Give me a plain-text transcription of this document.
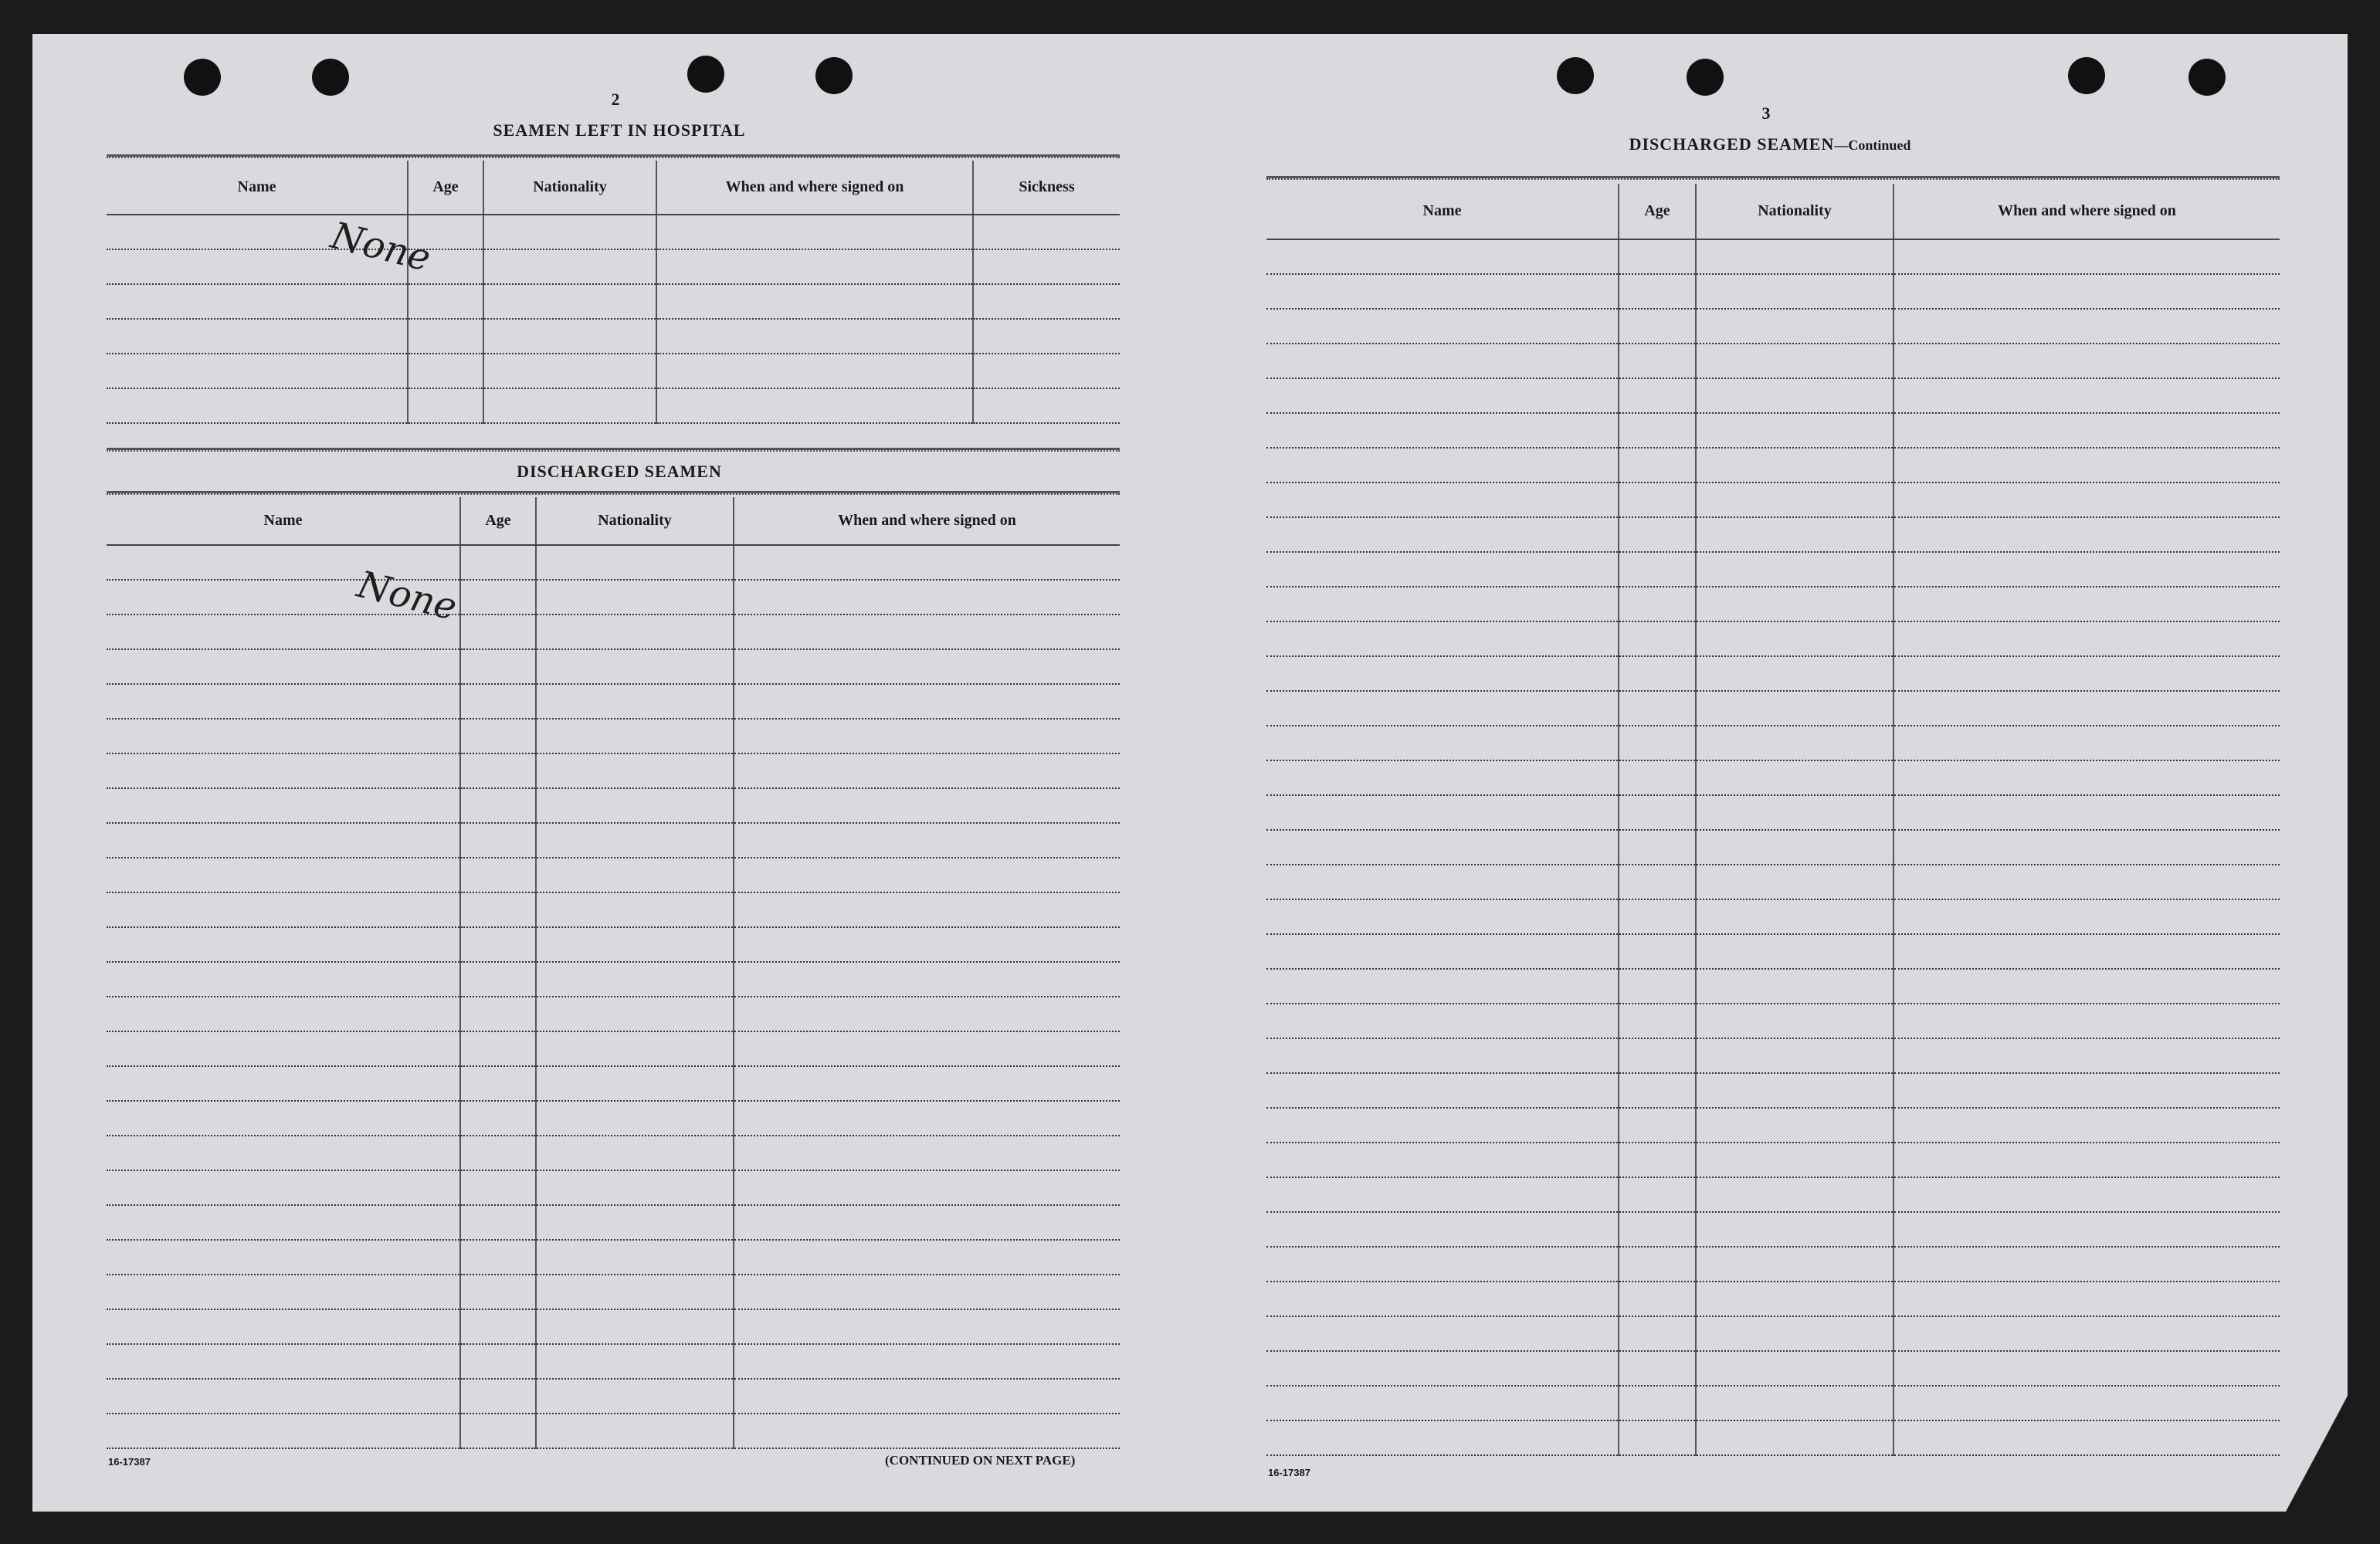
2
SEAMEN LEFT IN HOSPITAL
Name	Age	Nationality	When and where signed on	Sickness

None
DISCHARGED SEAMEN
Name	Age	Nationality	When and where signed on

None
16-17387	(CONTINUED ON NEXT PAGE)
3
DISCHARGED SEAMEN—Continued
Name	Age	Nationality	When and where signed on

16-17387
